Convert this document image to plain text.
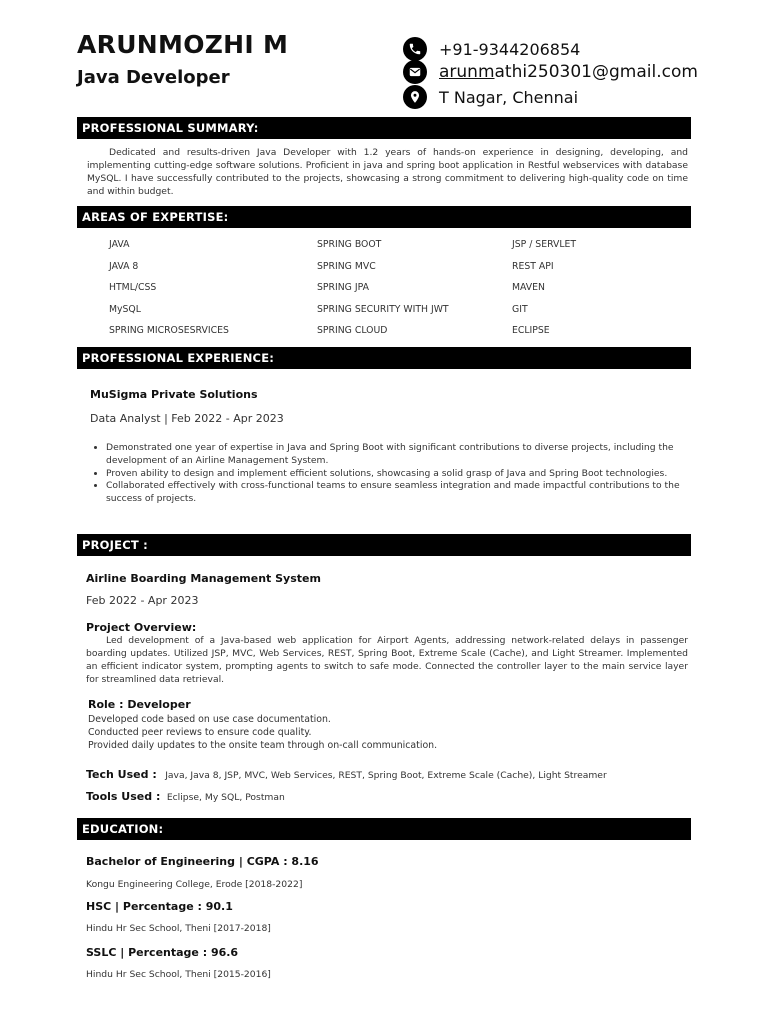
ARUNMOZHI M
Java Developer
+91-9344206854
arunmathi250301@gmail.com
T Nagar, Chennai
PROFESSIONAL SUMMARY:
Dedicated and results-driven Java Developer with 1.2 years of hands-on experience in designing, developing, and implementing cutting-edge software solutions. Proficient in java and spring boot application in Restful webservices with database MySQL. I have successfully contributed to the projects, showcasing a strong commitment to delivering high-quality code on time and within budget.
AREAS OF EXPERTISE:
JAVA
JAVA 8
HTML/CSS
MySQL
SPRING MICROSESRVICES
SPRING BOOT
SPRING MVC
SPRING JPA
SPRING SECURITY WITH JWT
SPRING CLOUD
JSP / SERVLET
REST API
MAVEN
GIT
ECLIPSE
PROFESSIONAL EXPERIENCE:
MuSigma Private Solutions
Data Analyst | Feb 2022 - Apr 2023
• Demonstrated one year of expertise in Java and Spring Boot with significant contributions to diverse projects, including the development of an Airline Management System.
• Proven ability to design and implement efficient solutions, showcasing a solid grasp of Java and Spring Boot technologies.
• Collaborated effectively with cross-functional teams to ensure seamless integration and made impactful contributions to the success of projects.
PROJECT :
Airline Boarding Management System
Feb 2022 - Apr 2023
Project Overview:
Led development of a Java-based web application for Airport Agents, addressing network-related delays in passenger boarding updates. Utilized JSP, MVC, Web Services, REST, Spring Boot, Extreme Scale (Cache), and Light Streamer. Implemented an efficient indicator system, prompting agents to switch to safe mode. Connected the controller layer to the main service layer for streamlined data retrieval.
Role : Developer
Developed code based on use case documentation.
Conducted peer reviews to ensure code quality.
Provided daily updates to the onsite team through on-call communication.
Tech Used : Java, Java 8, JSP, MVC, Web Services, REST, Spring Boot, Extreme Scale (Cache), Light Streamer
Tools Used : Eclipse, My SQL, Postman
EDUCATION:
Bachelor of Engineering | CGPA : 8.16
Kongu Engineering College, Erode [2018-2022]
HSC | Percentage : 90.1
Hindu Hr Sec School, Theni [2017-2018]
SSLC | Percentage : 96.6
Hindu Hr Sec School, Theni [2015-2016]
